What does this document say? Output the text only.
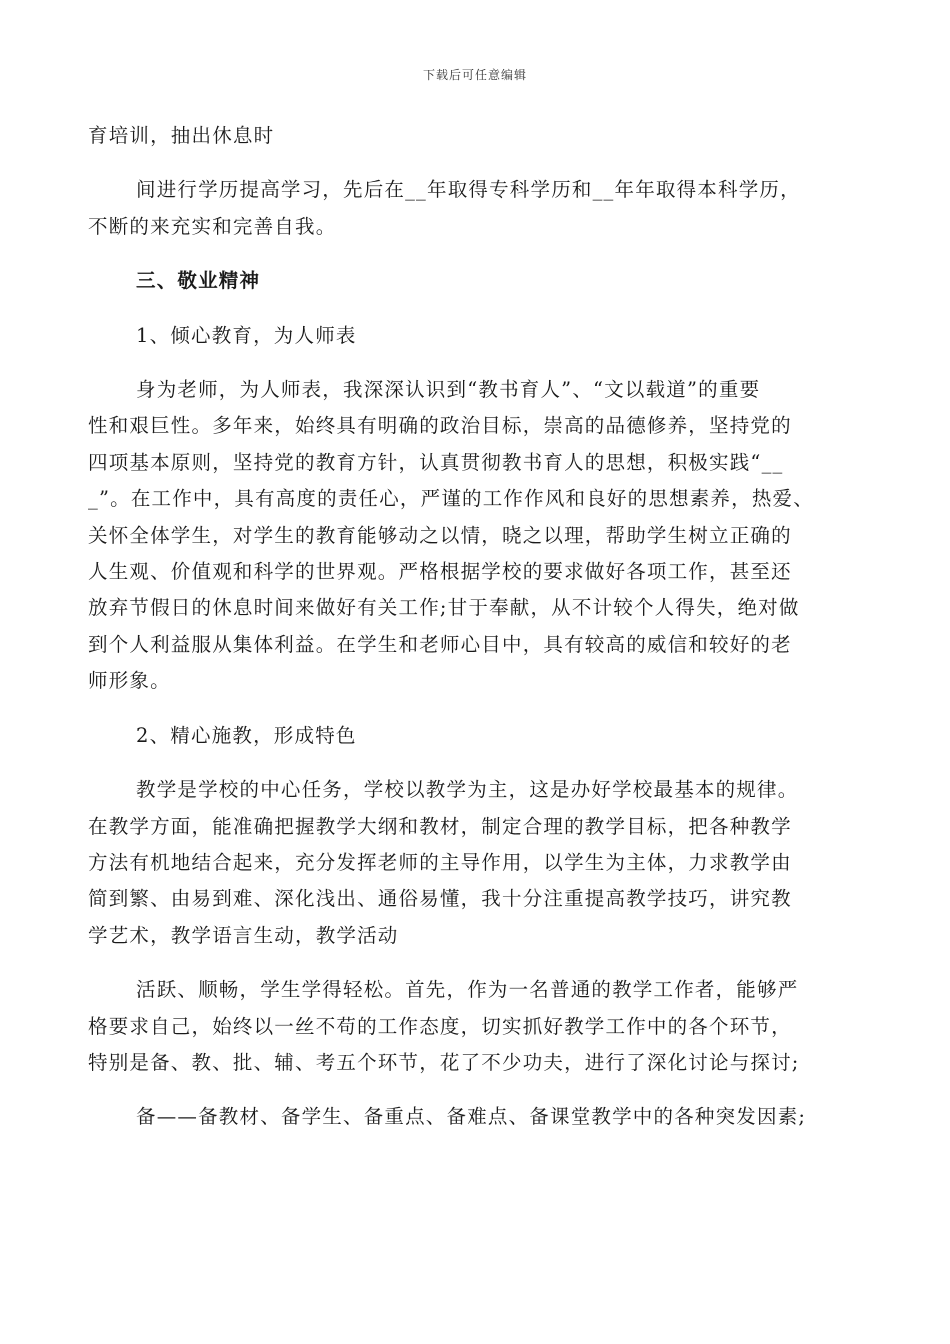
下载后可任意编辑

育培训，抽出休息时

间进行学历提高学习，先后在__年取得专科学历和__年年取得本科学历，
不断的来充实和完善自我。

三、敬业精神

1、倾心教育，为人师表

身为老师，为人师表，我深深认识到“教书育人”、“文以载道”的重要
性和艰巨性。多年来，始终具有明确的政治目标，崇高的品德修养，坚持党的
四项基本原则，坚持党的教育方针，认真贯彻教书育人的思想，积极实践“__
_”。在工作中，具有高度的责任心，严谨的工作作风和良好的思想素养，热爱、
关怀全体学生，对学生的教育能够动之以情，晓之以理，帮助学生树立正确的
人生观、价值观和科学的世界观。严格根据学校的要求做好各项工作，甚至还
放弃节假日的休息时间来做好有关工作;甘于奉献，从不计较个人得失，绝对做
到个人利益服从集体利益。在学生和老师心目中，具有较高的威信和较好的老
师形象。

2、精心施教，形成特色

教学是学校的中心任务，学校以教学为主，这是办好学校最基本的规律。
在教学方面，能准确把握教学大纲和教材，制定合理的教学目标，把各种教学
方法有机地结合起来，充分发挥老师的主导作用，以学生为主体，力求教学由
简到繁、由易到难、深化浅出、通俗易懂，我十分注重提高教学技巧，讲究教
学艺术，教学语言生动，教学活动

活跃、顺畅，学生学得轻松。首先，作为一名普通的教学工作者，能够严
格要求自己，始终以一丝不苟的工作态度，切实抓好教学工作中的各个环节，
特别是备、教、批、辅、考五个环节，花了不少功夫，进行了深化讨论与探讨;

备——备教材、备学生、备重点、备难点、备课堂教学中的各种突发因素;
